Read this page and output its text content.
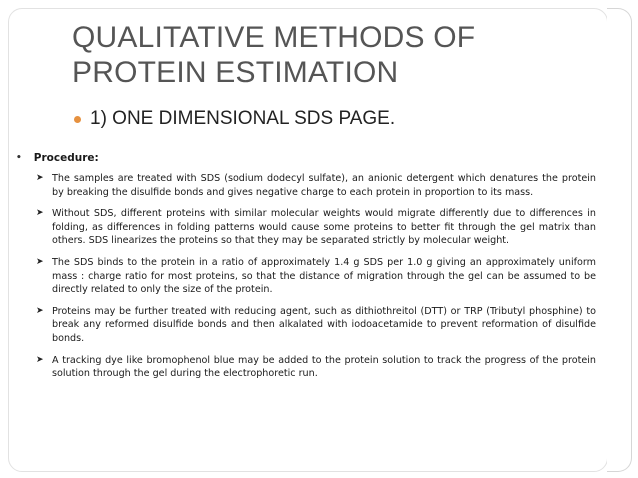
QUALITATIVE METHODS OF
PROTEIN ESTIMATION
1) ONE DIMENSIONAL SDS PAGE.
• Procedure:
➤ The samples are treated with SDS (sodium dodecyl sulfate), an anionic detergent which denatures the protein by breaking the disulfide bonds and gives negative charge to each protein in proportion to its mass.
➤ Without SDS, different proteins with similar molecular weights would migrate differently due to differences in folding, as differences in folding patterns would cause some proteins to better fit through the gel matrix than others. SDS linearizes the proteins so that they may be separated strictly by molecular weight.
➤ The SDS binds to the protein in a ratio of approximately 1.4 g SDS per 1.0 g giving an approximately uniform mass : charge ratio for most proteins, so that the distance of migration through the gel can be assumed to be directly related to only the size of the protein.
➤ Proteins may be further treated with reducing agent, such as dithiothreitol (DTT) or TRP (Tributyl phosphine) to break any reformed disulfide bonds and then alkalated with iodoacetamide to prevent reformation of disulfide bonds.
➤ A tracking dye like bromophenol blue may be added to the protein solution to track the progress of the protein solution through the gel during the electrophoretic run.
